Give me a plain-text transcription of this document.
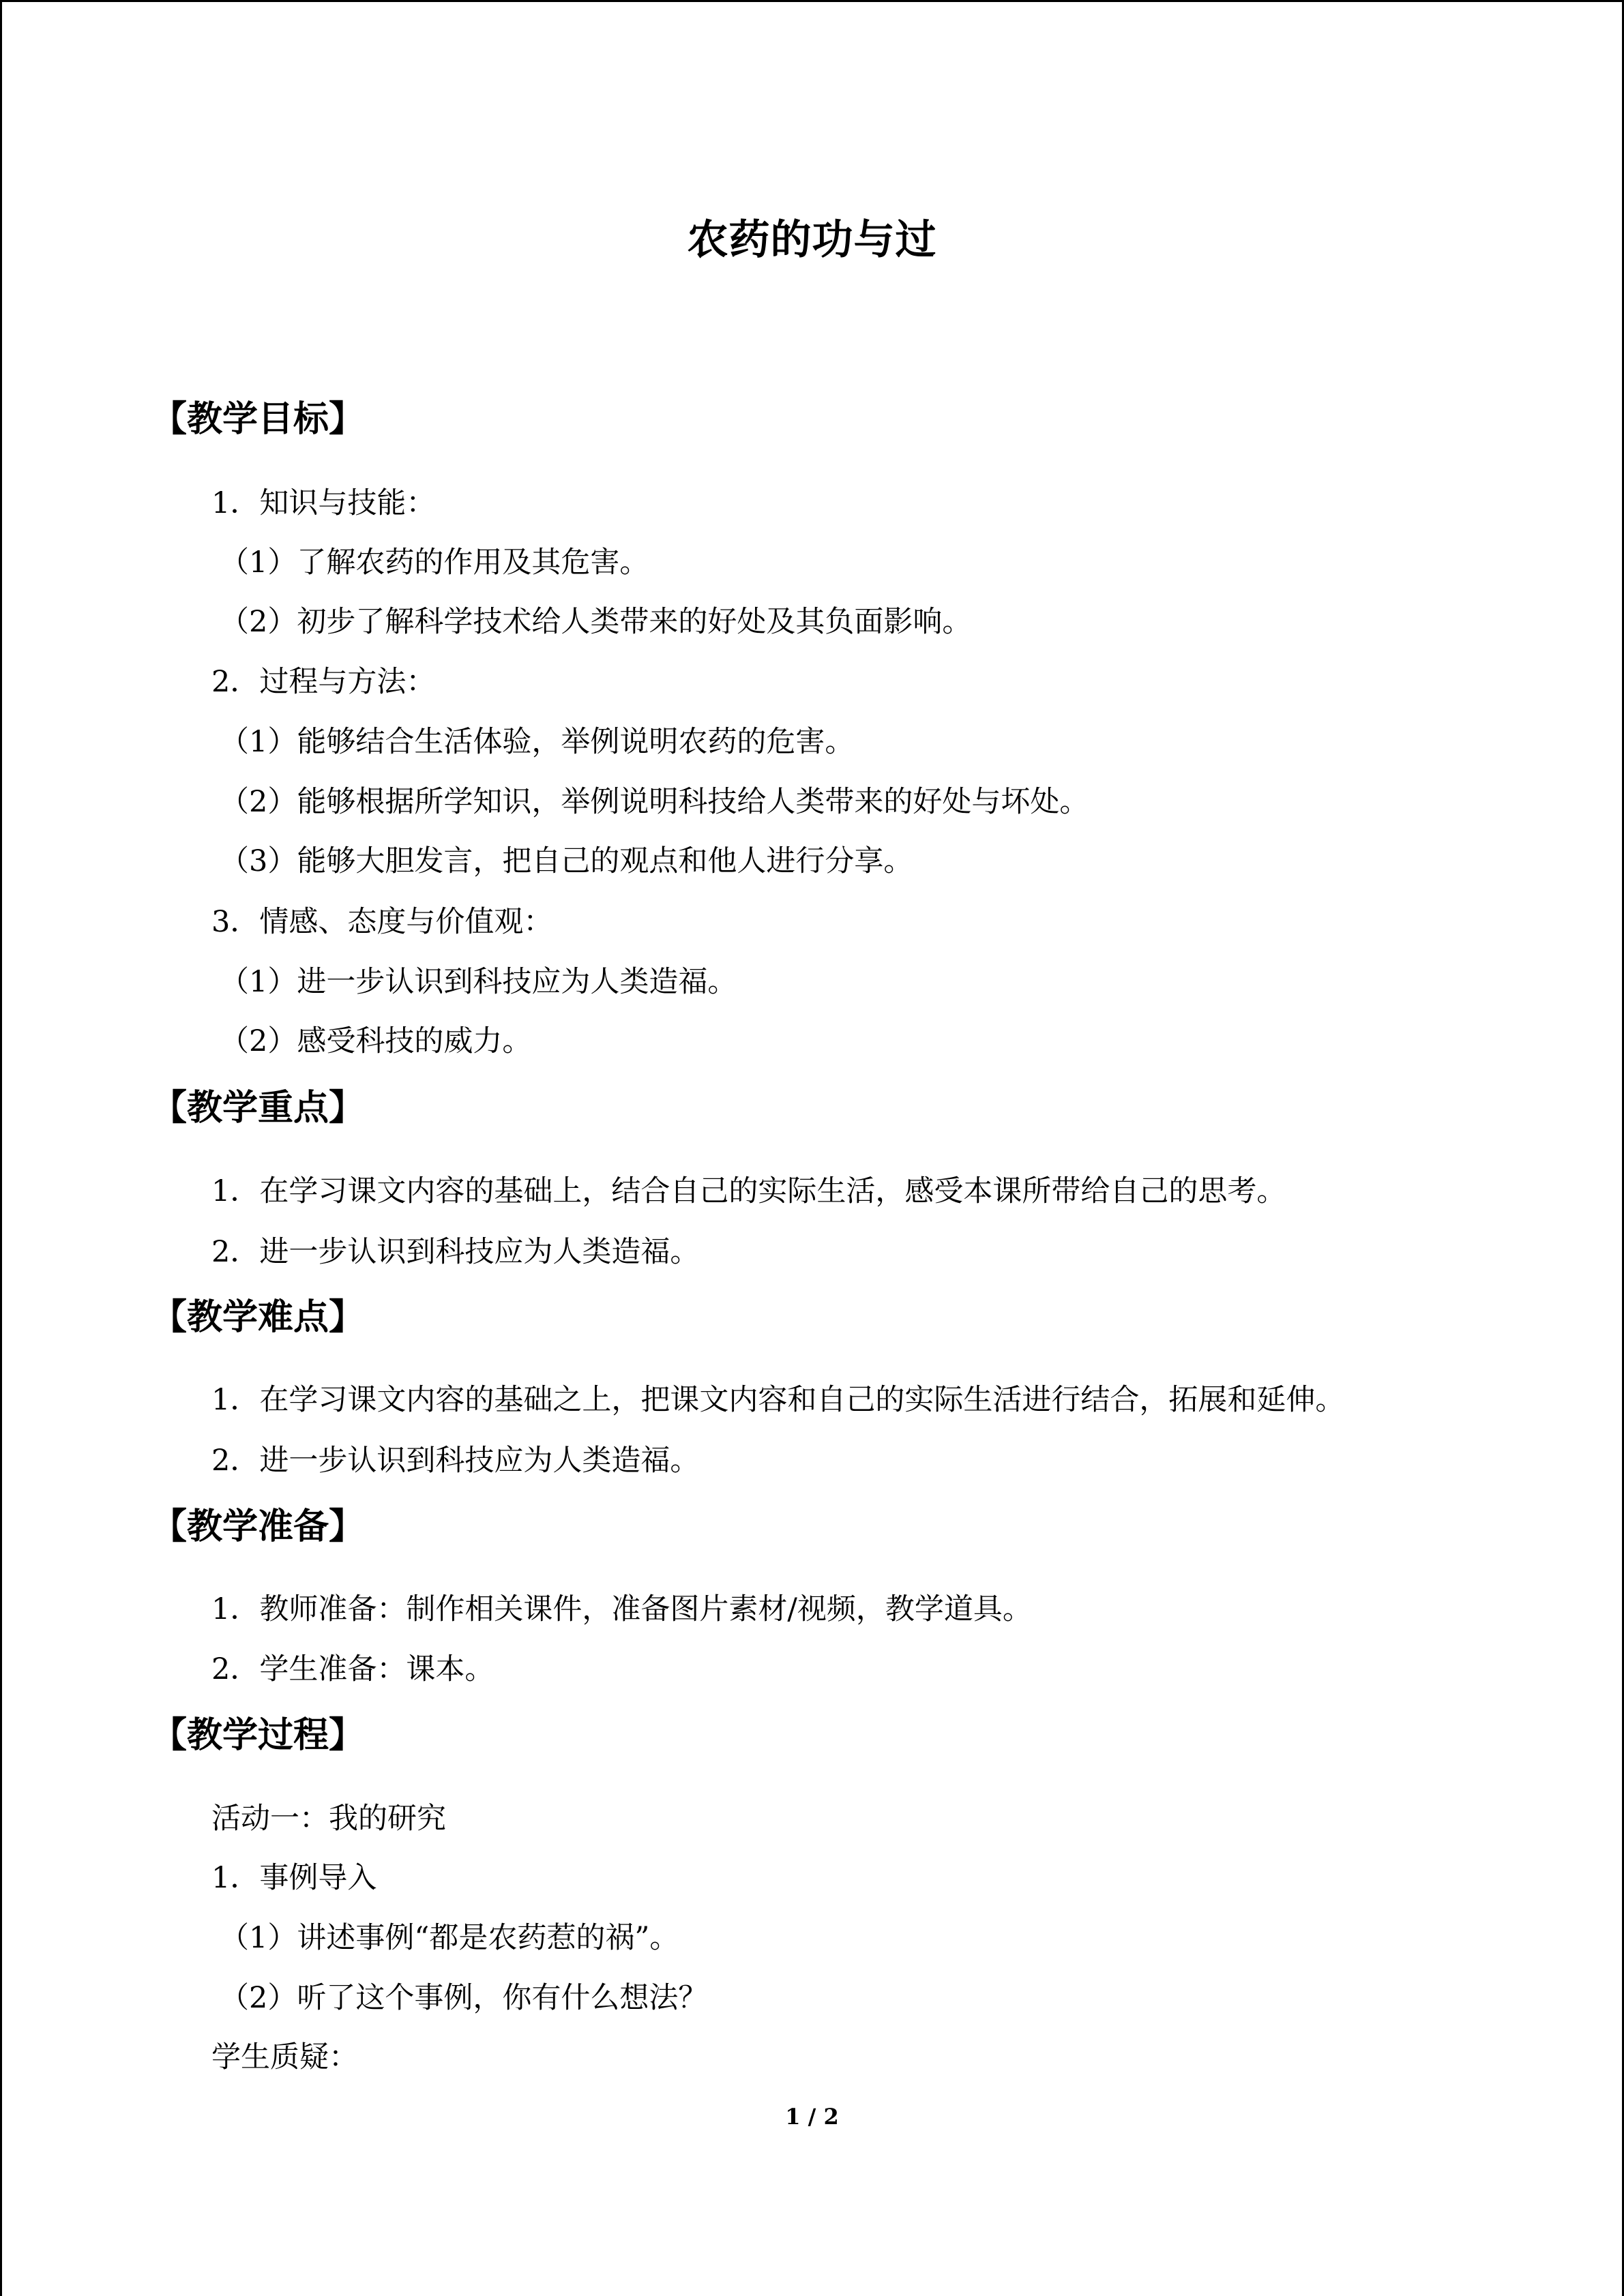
农药的功与过
【教学目标】
1．知识与技能：
（1）了解农药的作用及其危害。
（2）初步了解科学技术给人类带来的好处及其负面影响。
2．过程与方法：
（1）能够结合生活体验，举例说明农药的危害。
（2）能够根据所学知识，举例说明科技给人类带来的好处与坏处。
（3）能够大胆发言，把自己的观点和他人进行分享。
3．情感、态度与价值观：
（1）进一步认识到科技应为人类造福。
（2）感受科技的威力。
【教学重点】
1．在学习课文内容的基础上，结合自己的实际生活，感受本课所带给自己的思考。
2．进一步认识到科技应为人类造福。
【教学难点】
1．在学习课文内容的基础之上，把课文内容和自己的实际生活进行结合，拓展和延伸。
2．进一步认识到科技应为人类造福。
【教学准备】
1．教师准备：制作相关课件，准备图片素材/视频，教学道具。
2．学生准备：课本。
【教学过程】
活动一：我的研究
1．事例导入
（1）讲述事例“都是农药惹的祸”。
（2）听了这个事例，你有什么想法？
学生质疑：
1 / 2
